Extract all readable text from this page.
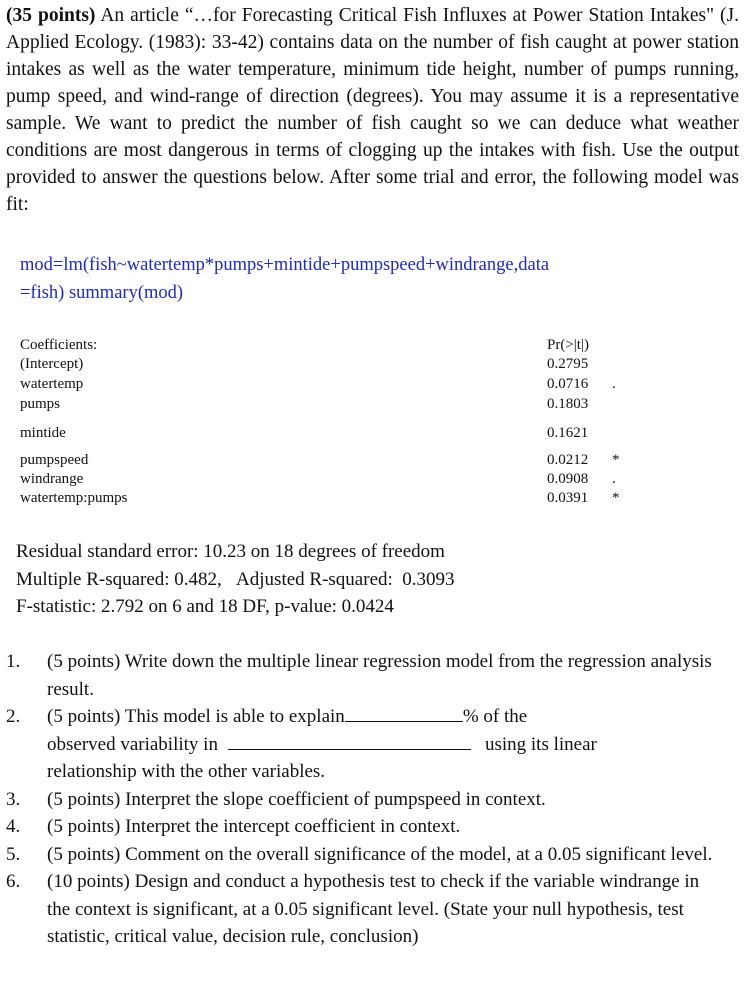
(35 points) An article “…for Forecasting Critical Fish Influxes at Power Station Intakes" (J. Applied Ecology. (1983): 33-42) contains data on the number of fish caught at power station intakes as well as the water temperature, minimum tide height, number of pumps running, pump speed, and wind-range of direction (degrees). You may assume it is a representative sample. We want to predict the number of fish caught so we can deduce what weather conditions are most dangerous in terms of clogging up the intakes with fish. Use the output provided to answer the questions below. After some trial and error, the following model was fit:
mod=lm(fish~watertemp*pumps+mintide+pumpspeed+windrange,data
=fish) summary(mod)
Coefficients:	Pr(>|t|)
(Intercept)	0.2795
watertemp	0.0716 .
pumps	0.1803
mintide	0.1621
pumpspeed	0.0212 *
windrange	0.0908 .
watertemp:pumps	0.0391 *
Residual standard error: 10.23 on 18 degrees of freedom
Multiple R-squared: 0.482,   Adjusted R-squared:  0.3093
F-statistic: 2.792 on 6 and 18 DF, p-value: 0.0424
1. (5 points) Write down the multiple linear regression model from the regression analysis result.
2. (5 points) This model is able to explain	% of the
observed variability in	using its linear
relationship with the other variables.
3. (5 points) Interpret the slope coefficient of pumpspeed in context.
4. (5 points) Interpret the intercept coefficient in context.
5. (5 points) Comment on the overall significance of the model, at a 0.05 significant level.
6. (10 points) Design and conduct a hypothesis test to check if the variable windrange in the context is significant, at a 0.05 significant level. (State your null hypothesis, test statistic, critical value, decision rule, conclusion)
